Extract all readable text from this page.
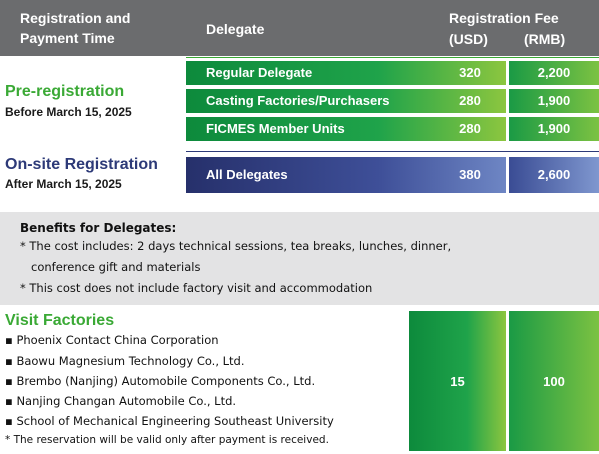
Registration and
Payment Time
Delegate
Registration Fee
(USD)	(RMB)
Pre-registration
Before March 15, 2025
Regular Delegate	320	2,200
Casting Factories/Purchasers	280	1,900
FICMES Member Units	280	1,900
On-site Registration
After March 15, 2025
All Delegates	380	2,600
Benefits for Delegates:
* The cost includes: 2 days technical sessions, tea breaks, lunches, dinner,
conference gift and materials
* This cost does not include factory visit and accommodation
Visit Factories
▪ Phoenix Contact China Corporation
▪ Baowu Magnesium Technology Co., Ltd.
▪ Brembo (Nanjing) Automobile Components Co., Ltd.
▪ Nanjing Changan Automobile Co., Ltd.
▪ School of Mechanical Engineering Southeast University
* The reservation will be valid only after payment is received.
15	100
